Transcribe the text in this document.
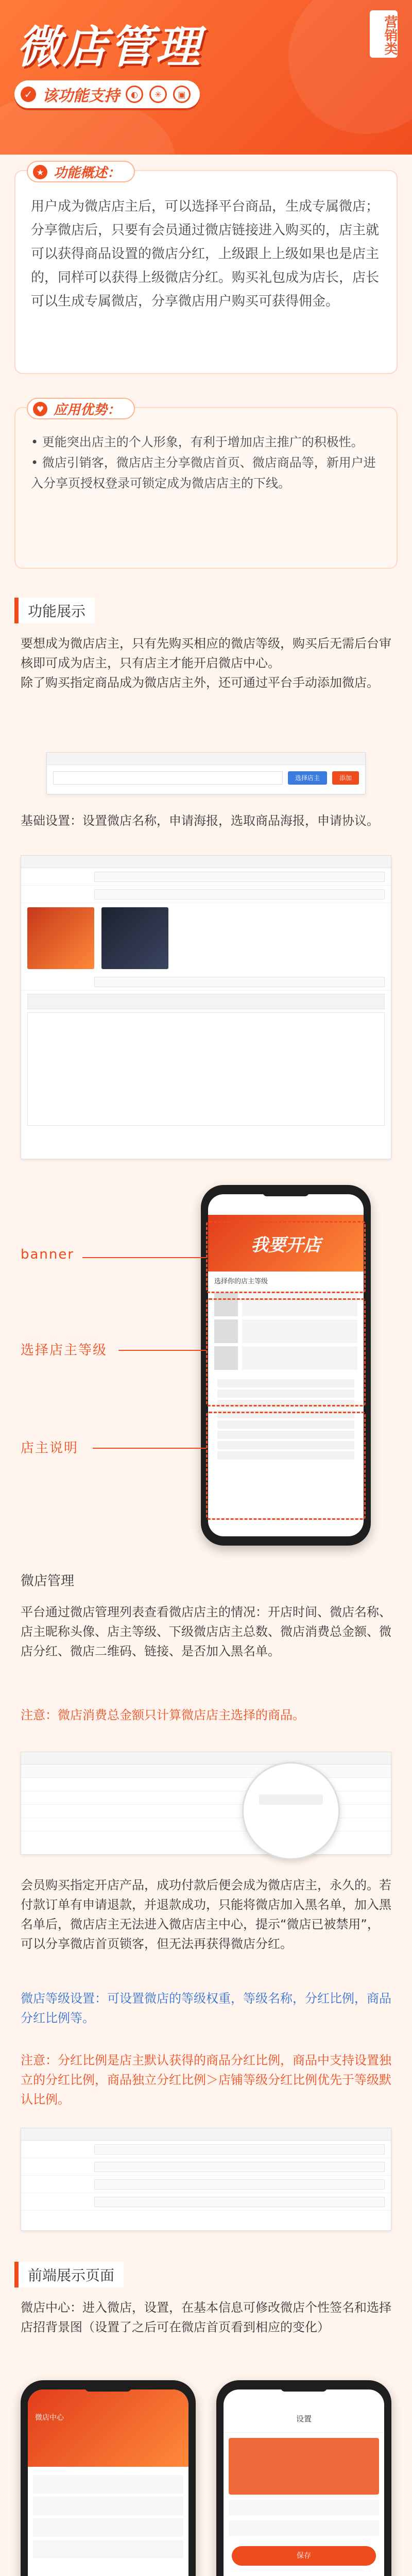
微店管理	营销类
✓ 该功能支持	◐	✳	▣
★ 功能概述：
用户成为微店店主后，可以选择平台商品，生成专属微店；分享微店后，只要有会员通过微店链接进入购买的，店主就可以获得商品设置的微店分红，上级跟上上级如果也是店主的，同样可以获得上级微店分红。购买礼包成为店长，店长可以生成专属微店，分享微店用户购买可获得佣金。
♥ 应用优势：
• 更能突出店主的个人形象，有利于增加店主推广的积极性。
• 微店引销客，微店店主分享微店首页、微店商品等，新用户进入分享页授权登录可锁定成为微店店主的下线。
功能展示
要想成为微店店主，只有先购买相应的微店等级，购买后无需后台审核即可成为店主，只有店主才能开启微店中心。
除了购买指定商品成为微店店主外，还可通过平台手动添加微店。
选择店主	添加
基础设置：设置微店名称，申请海报，选取商品海报，申请协议。
我要开店
选择你的店主等级
banner
选择店主等级
店主说明
微店管理
平台通过微店管理列表查看微店店主的情况：开店时间、微店名称、店主昵称头像、店主等级、下级微店店主总数、微店消费总金额、微店分红、微店二维码、链接、是否加入黑名单。
注意：微店消费总金额只计算微店店主选择的商品。
会员购买指定开店产品，成功付款后便会成为微店店主，永久的。若付款订单有申请退款，并退款成功，只能将微店加入黑名单，加入黑名单后，微店店主无法进入微店店主中心，提示“微店已被禁用”，可以分享微店首页锁客，但无法再获得微店分红。
微店等级设置：可设置微店的等级权重，等级名称，分红比例，商品分红比例等。
注意：分红比例是店主默认获得的商品分红比例，商品中支持设置独立的分红比例，商品独立分红比例＞店铺等级分红比例优先于等级默认比例。
前端展示页面
微店中心：进入微店，设置，在基本信息可修改微店个性签名和选择店招背景图（设置了之后可在微店首页看到相应的变化）
微店中心	设置
保存
